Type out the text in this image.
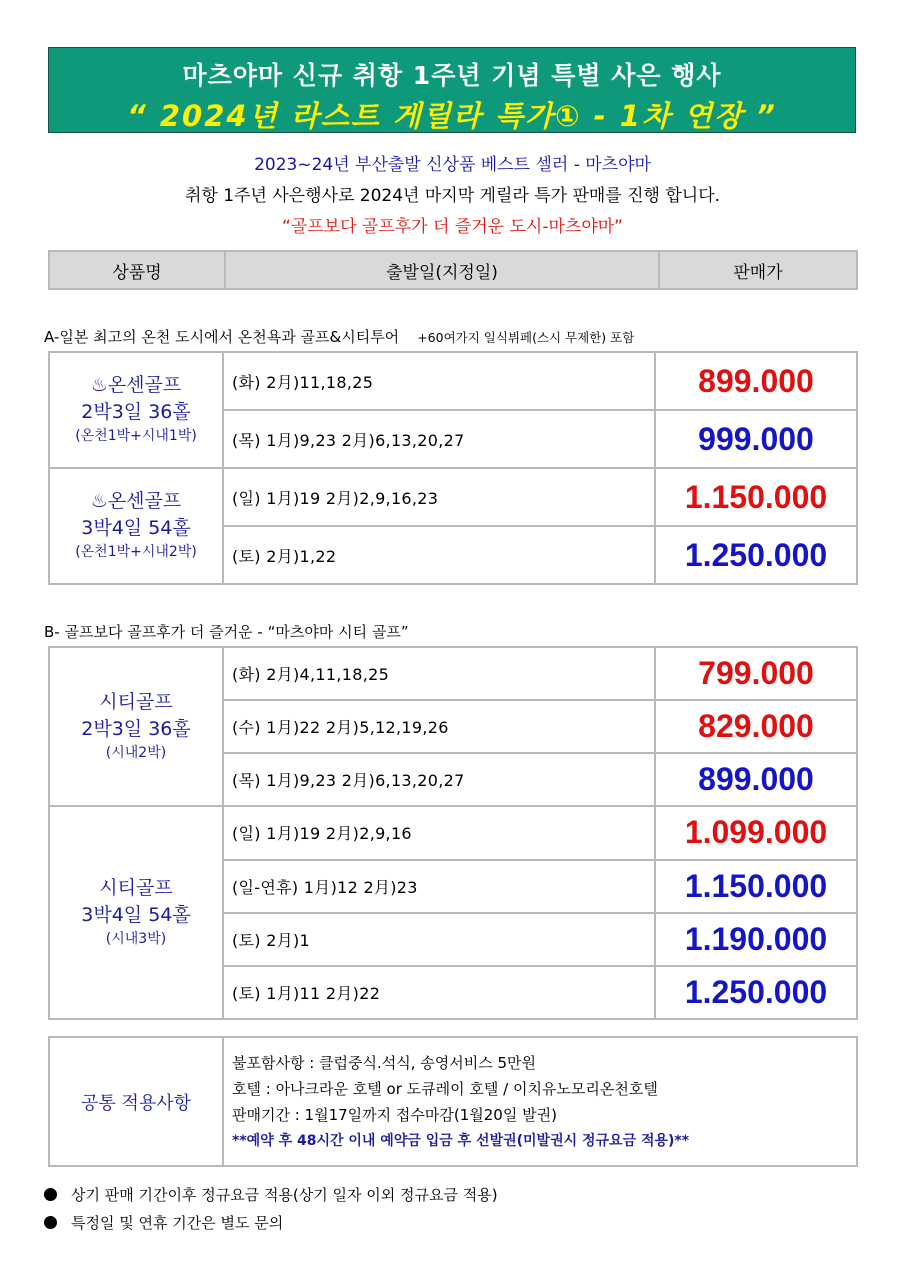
마츠야마 신규 취항 1주년 기념 특별 사은 행사
“ 2024년 라스트 게릴라 특가① - 1차 연장 ”
2023~24년 부산출발 신상품 베스트 셀러 - 마츠야마
취항 1주년 사은행사로 2024년 마지막 게릴라 특가 판매를 진행 합니다.
“골프보다 골프후가 더 즐거운 도시-마츠야마”
상품명	출발일(지정일)	판매가
A-일본 최고의 온천 도시에서 온천욕과 골프&시티투어 +60여가지 일식뷔페(스시 무제한) 포함
♨온센골프
2박3일 36홀
(온천1박+시내1박)	(화) 2月)11,18,25	899.000
	(목) 1月)9,23 2月)6,13,20,27	999.000

♨온센골프
3박4일 54홀
(온천1박+시내2박)	(일) 1月)19 2月)2,9,16,23	1.150.000
	(토) 2月)1,22	1.250.000
B- 골프보다 골프후가 더 즐거운 - “마츠야마 시티 골프”
시티골프
2박3일 36홀
(시내2박)	(화) 2月)4,11,18,25	799.000
	(수) 1月)22 2月)5,12,19,26	829.000
	(목) 1月)9,23 2月)6,13,20,27	899.000

시티골프
3박4일 54홀
(시내3박)	(일) 1月)19 2月)2,9,16	1.099.000
	(일-연휴) 1月)12 2月)23	1.150.000
	(토) 2月)1	1.190.000
	(토) 1月)11 2月)22	1.250.000
공통 적용사항	
불포함사항 : 클럽중식.석식, 송영서비스 5만원
호텔 : 아나크라운 호텔 or 도큐레이 호텔 / 이치유노모리온천호텔
판매기간 : 1월17일까지 접수마감(1월20일 발권)
**예약 후 48시간 이내 예약금 입금 후 선발권(미발권시 정규요금 적용)**
상기 판매 기간이후 정규요금 적용(상기 일자 이외 정규요금 적용)
특정일 및 연휴 기간은 별도 문의
